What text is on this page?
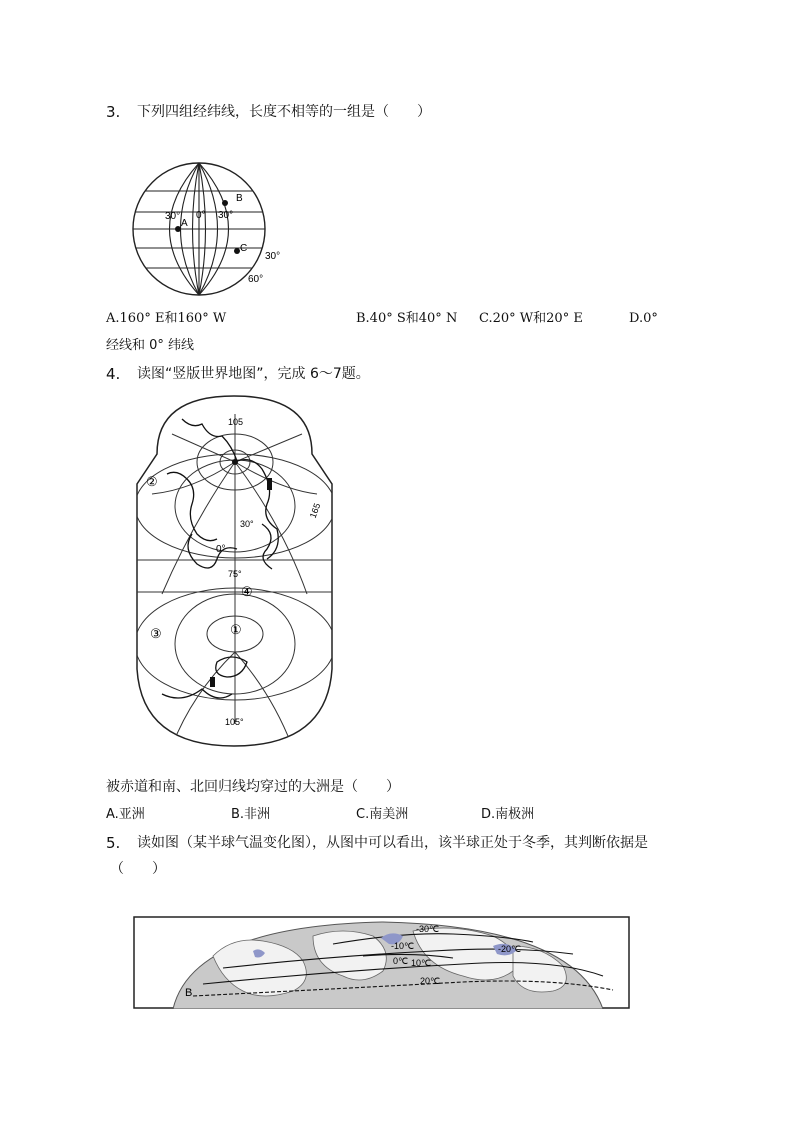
3. 下列四组经纬线，长度不相等的一组是（　　）
30°
A
0° 30°
B
C
30°
60°
A.160° E和160° W	B.40° S和40° N C.20° W和20° E	D.0°
经线和 0° 纬线
4. 读图“竖版世界地图”，完成 6～7题。
105
165
30°
0°
75°
105°
①
②
③
④
被赤道和南、北回归线均穿过的大洲是（　　）
A.亚洲	B.非洲	C.南美洲	D.南极洲
5. 读如图（某半球气温变化图），从图中可以看出，该半球正处于冬季，其判断依据是
（　　）
-30℃
-20℃
-10℃
0℃ 10℃
20℃
B
